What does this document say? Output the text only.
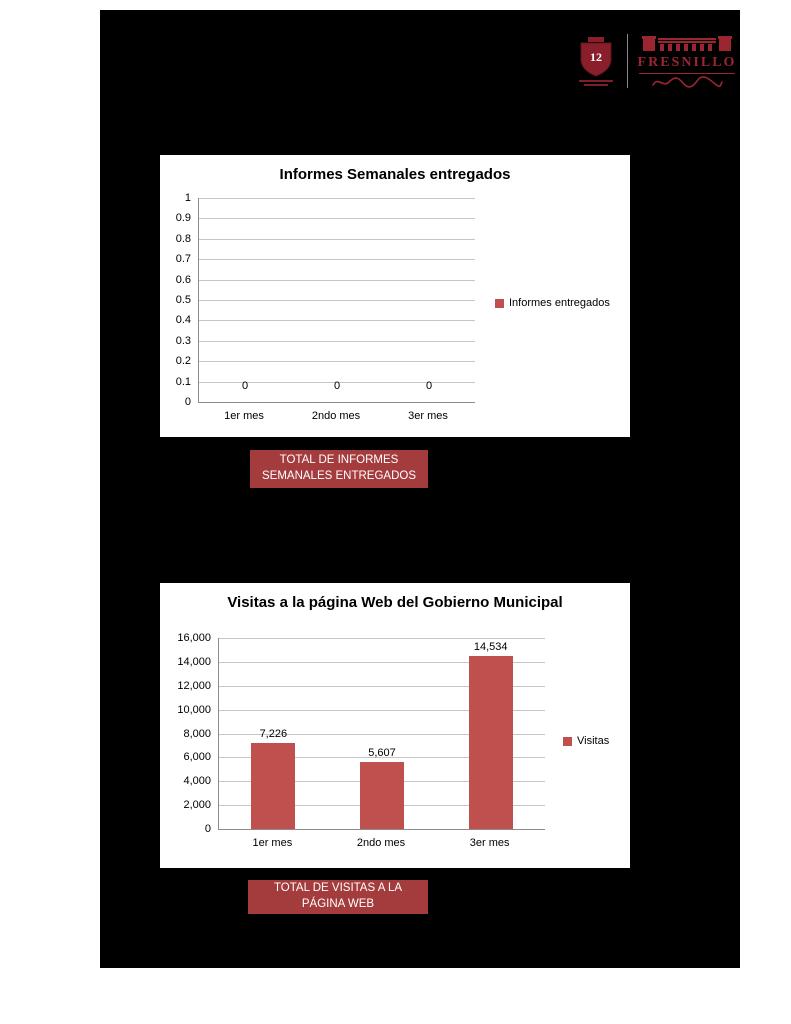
12	FRESNILLO
Informes Semanales entregados
0	0	0
Informes entregados
0
0.1
0.2
0.3
0.4
0.5
0.6
0.7
0.8
0.9
1
1er mes	2ndo mes	3er mes
TOTAL DE INFORMES
SEMANALES ENTREGADOS
Visitas a la página Web del Gobierno Municipal
7,226
5,607
14,534
Visitas
0
2,000
4,000
6,000
8,000
10,000
12,000
14,000
16,000
1er mes	2ndo mes	3er mes
TOTAL DE VISITAS A LA
PÁGINA WEB
